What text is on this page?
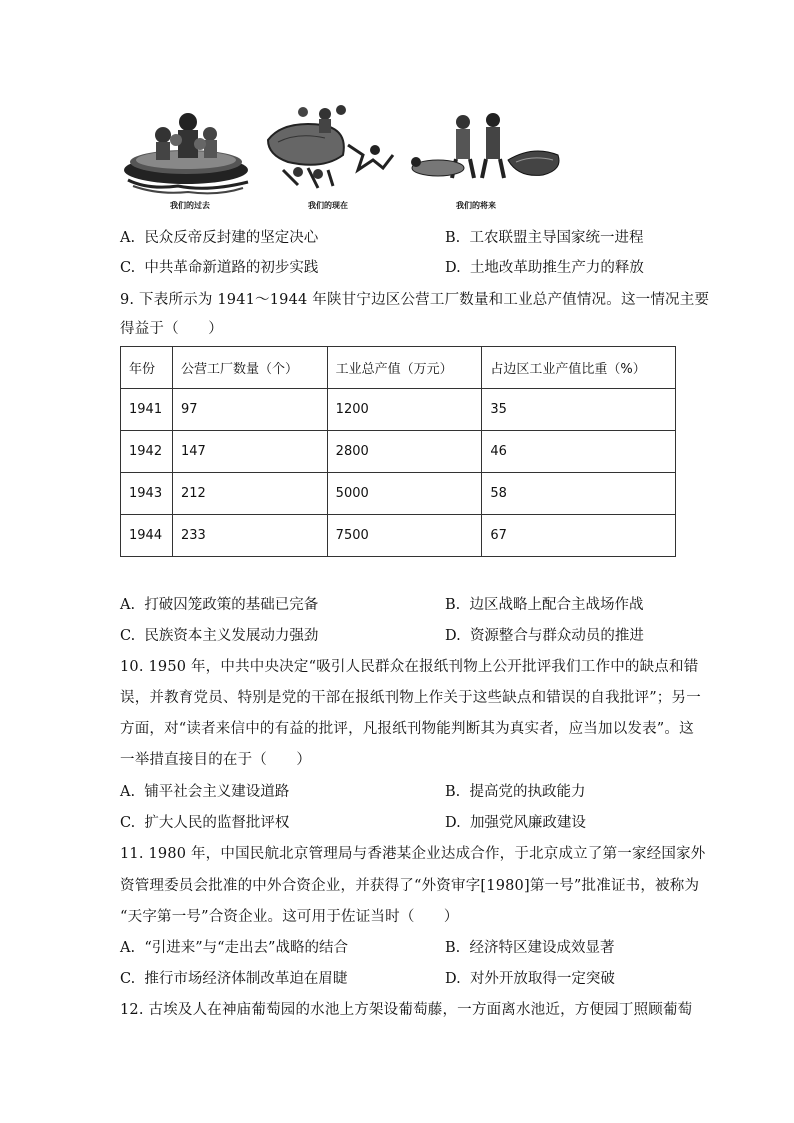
我们的过去	我们的现在	我们的将来
A. 民众反帝反封建的坚定决心	B. 工农联盟主导国家统一进程
C. 中共革命新道路的初步实践	D. 土地改革助推生产力的释放
9. 下表所示为 1941～1944 年陕甘宁边区公营工厂数量和工业总产值情况。这一情况主要
得益于（　　）
年份	公营工厂数量（个）	工业总产值（万元）	占边区工业产值比重（%）
1941	97	1200	35
1942	147	2800	46
1943	212	5000	58
1944	233	7500	67
A. 打破囚笼政策的基础已完备	B. 边区战略上配合主战场作战
C. 民族资本主义发展动力强劲	D. 资源整合与群众动员的推进
10. 1950 年，中共中央决定“吸引人民群众在报纸刊物上公开批评我们工作中的缺点和错
误，并教育党员、特别是党的干部在报纸刊物上作关于这些缺点和错误的自我批评”；另一
方面，对“读者来信中的有益的批评，凡报纸刊物能判断其为真实者，应当加以发表”。这
一举措直接目的在于（　　）
A. 铺平社会主义建设道路	B. 提高党的执政能力
C. 扩大人民的监督批评权	D. 加强党风廉政建设
11. 1980 年，中国民航北京管理局与香港某企业达成合作，于北京成立了第一家经国家外
资管理委员会批准的中外合资企业，并获得了“外资审字[1980]第一号”批准证书，被称为
“天字第一号”合资企业。这可用于佐证当时（　　）
A. “引进来”与“走出去”战略的结合	B. 经济特区建设成效显著
C. 推行市场经济体制改革迫在眉睫	D. 对外开放取得一定突破
12. 古埃及人在神庙葡萄园的水池上方架设葡萄藤，一方面离水池近，方便园丁照顾葡萄
